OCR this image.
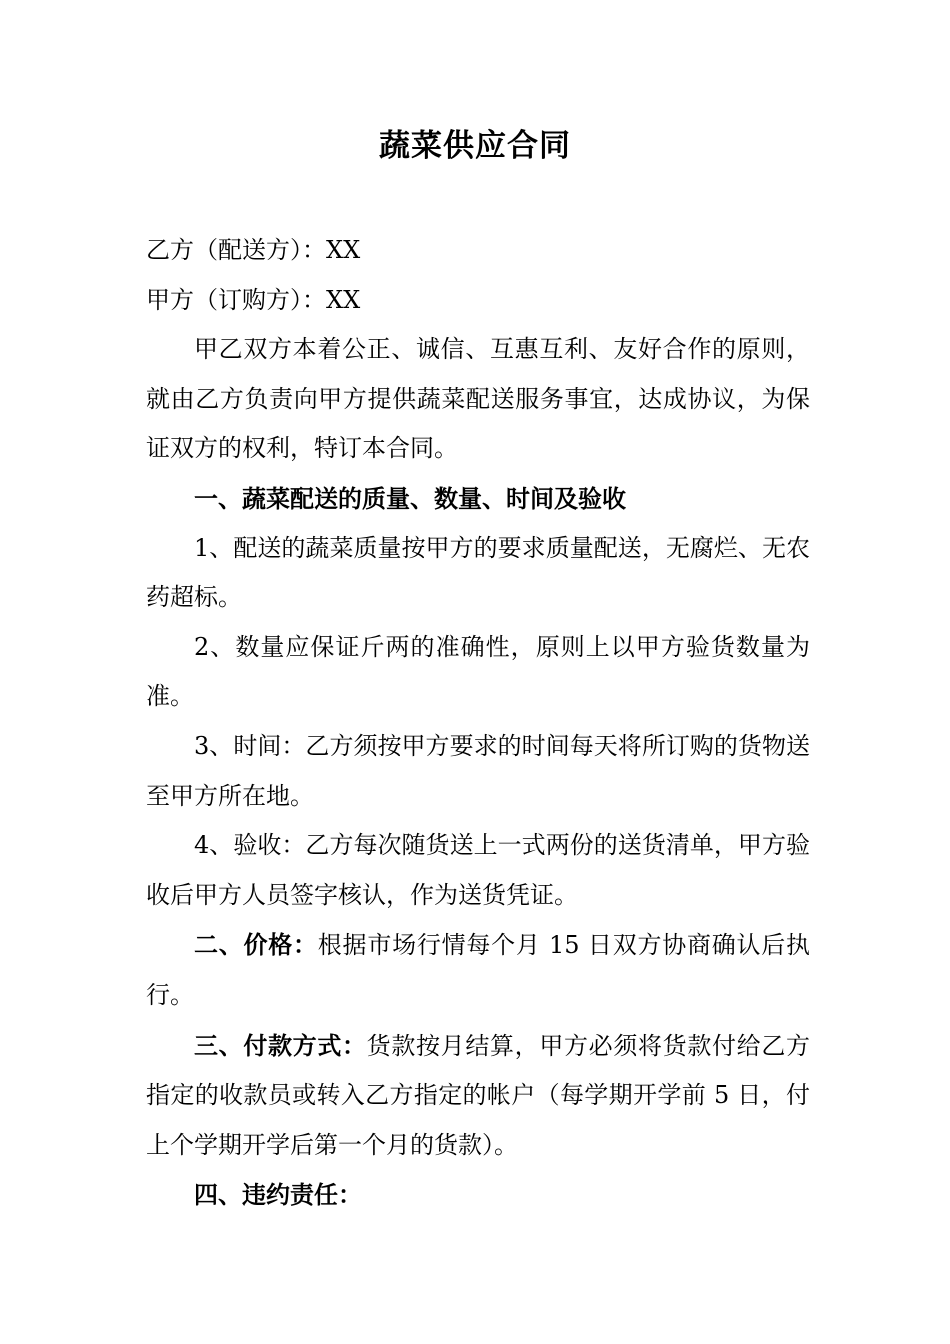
蔬菜供应合同

乙方（配送方）：XX

甲方（订购方）：XX

甲乙双方本着公正、诚信、互惠互利、友好合作的原则，就由乙方负责向甲方提供蔬菜配送服务事宜，达成协议，为保证双方的权利，特订本合同。

一、蔬菜配送的质量、数量、时间及验收

1、配送的蔬菜质量按甲方的要求质量配送，无腐烂、无农药超标。

2、数量应保证斤两的准确性，原则上以甲方验货数量为准。

3、时间：乙方须按甲方要求的时间每天将所订购的货物送至甲方所在地。

4、验收：乙方每次随货送上一式两份的送货清单，甲方验收后甲方人员签字核认，作为送货凭证。

二、价格：根据市场行情每个月 15 日双方协商确认后执行。

三、付款方式：货款按月结算，甲方必须将货款付给乙方指定的收款员或转入乙方指定的帐户（每学期开学前 5 日，付上个学期开学后第一个月的货款）。

四、违约责任：
